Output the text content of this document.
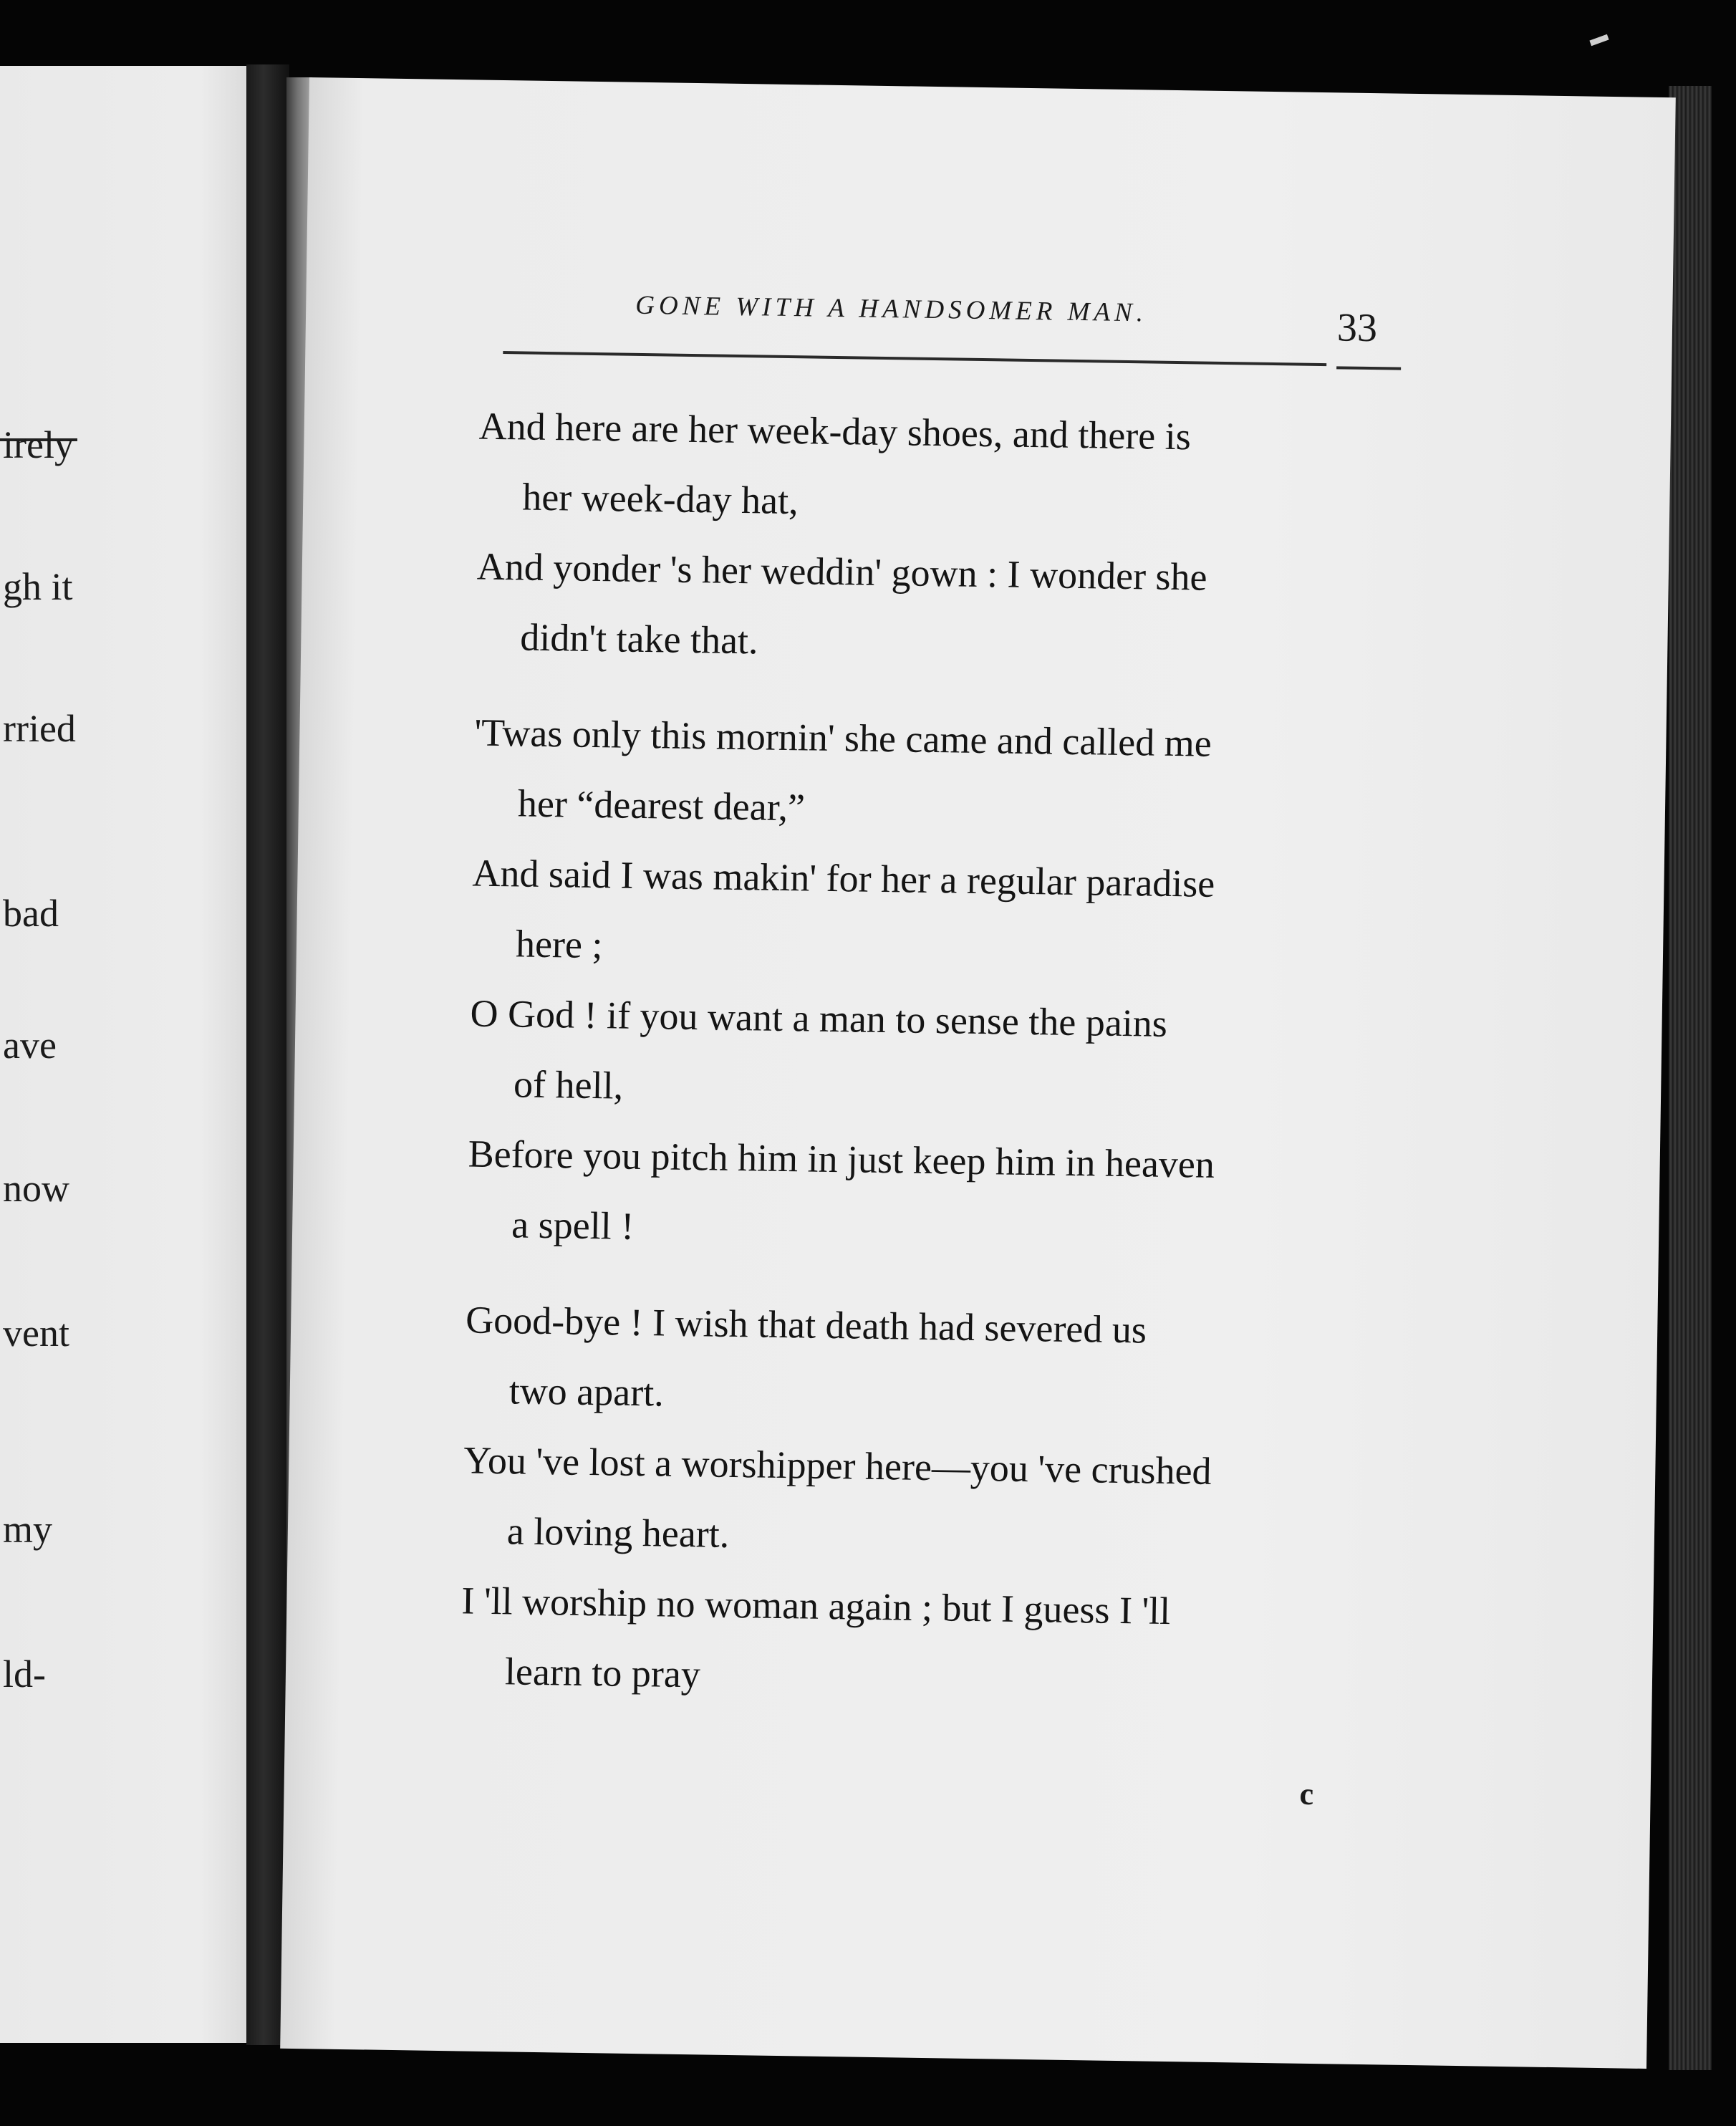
irely
gh it
rried
bad
ave
now
vent
my
ld-
GONE WITH A HANDSOMER MAN.	33
And here are her week-day shoes, and there is
her week-day hat,
And yonder 's her weddin' gown : I wonder she
didn't take that.
'Twas only this mornin' she came and called me
her “dearest dear,”
And said I was makin' for her a regular paradise
here ;
O God ! if you want a man to sense the pains
of hell,
Before you pitch him in just keep him in heaven
a spell !
Good-bye ! I wish that death had severed us
two apart.
You 've lost a worshipper here—you 've crushed
a loving heart.
I 'll worship no woman again ; but I guess I 'll
learn to pray
c
